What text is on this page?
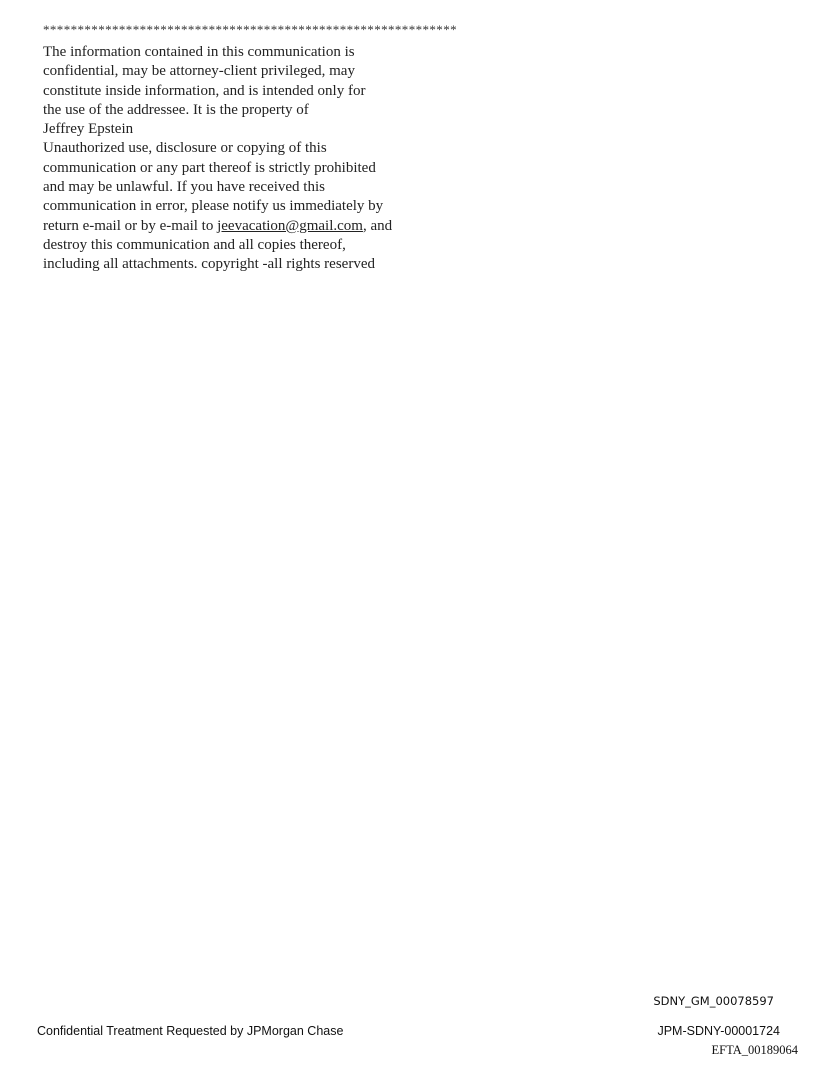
************************************************************
The information contained in this communication is
confidential, may be attorney-client privileged, may
constitute inside information, and is intended only for
the use of the addressee. It is the property of
Jeffrey Epstein
Unauthorized use, disclosure or copying of this
communication or any part thereof is strictly prohibited
and may be unlawful. If you have received this
communication in error, please notify us immediately by
return e-mail or by e-mail to jeevacation@gmail.com, and
destroy this communication and all copies thereof,
including all attachments. copyright -all rights reserved
SDNY_GM_00078597
Confidential Treatment Requested by JPMorgan Chase	JPM-SDNY-00001724
EFTA_00189064
